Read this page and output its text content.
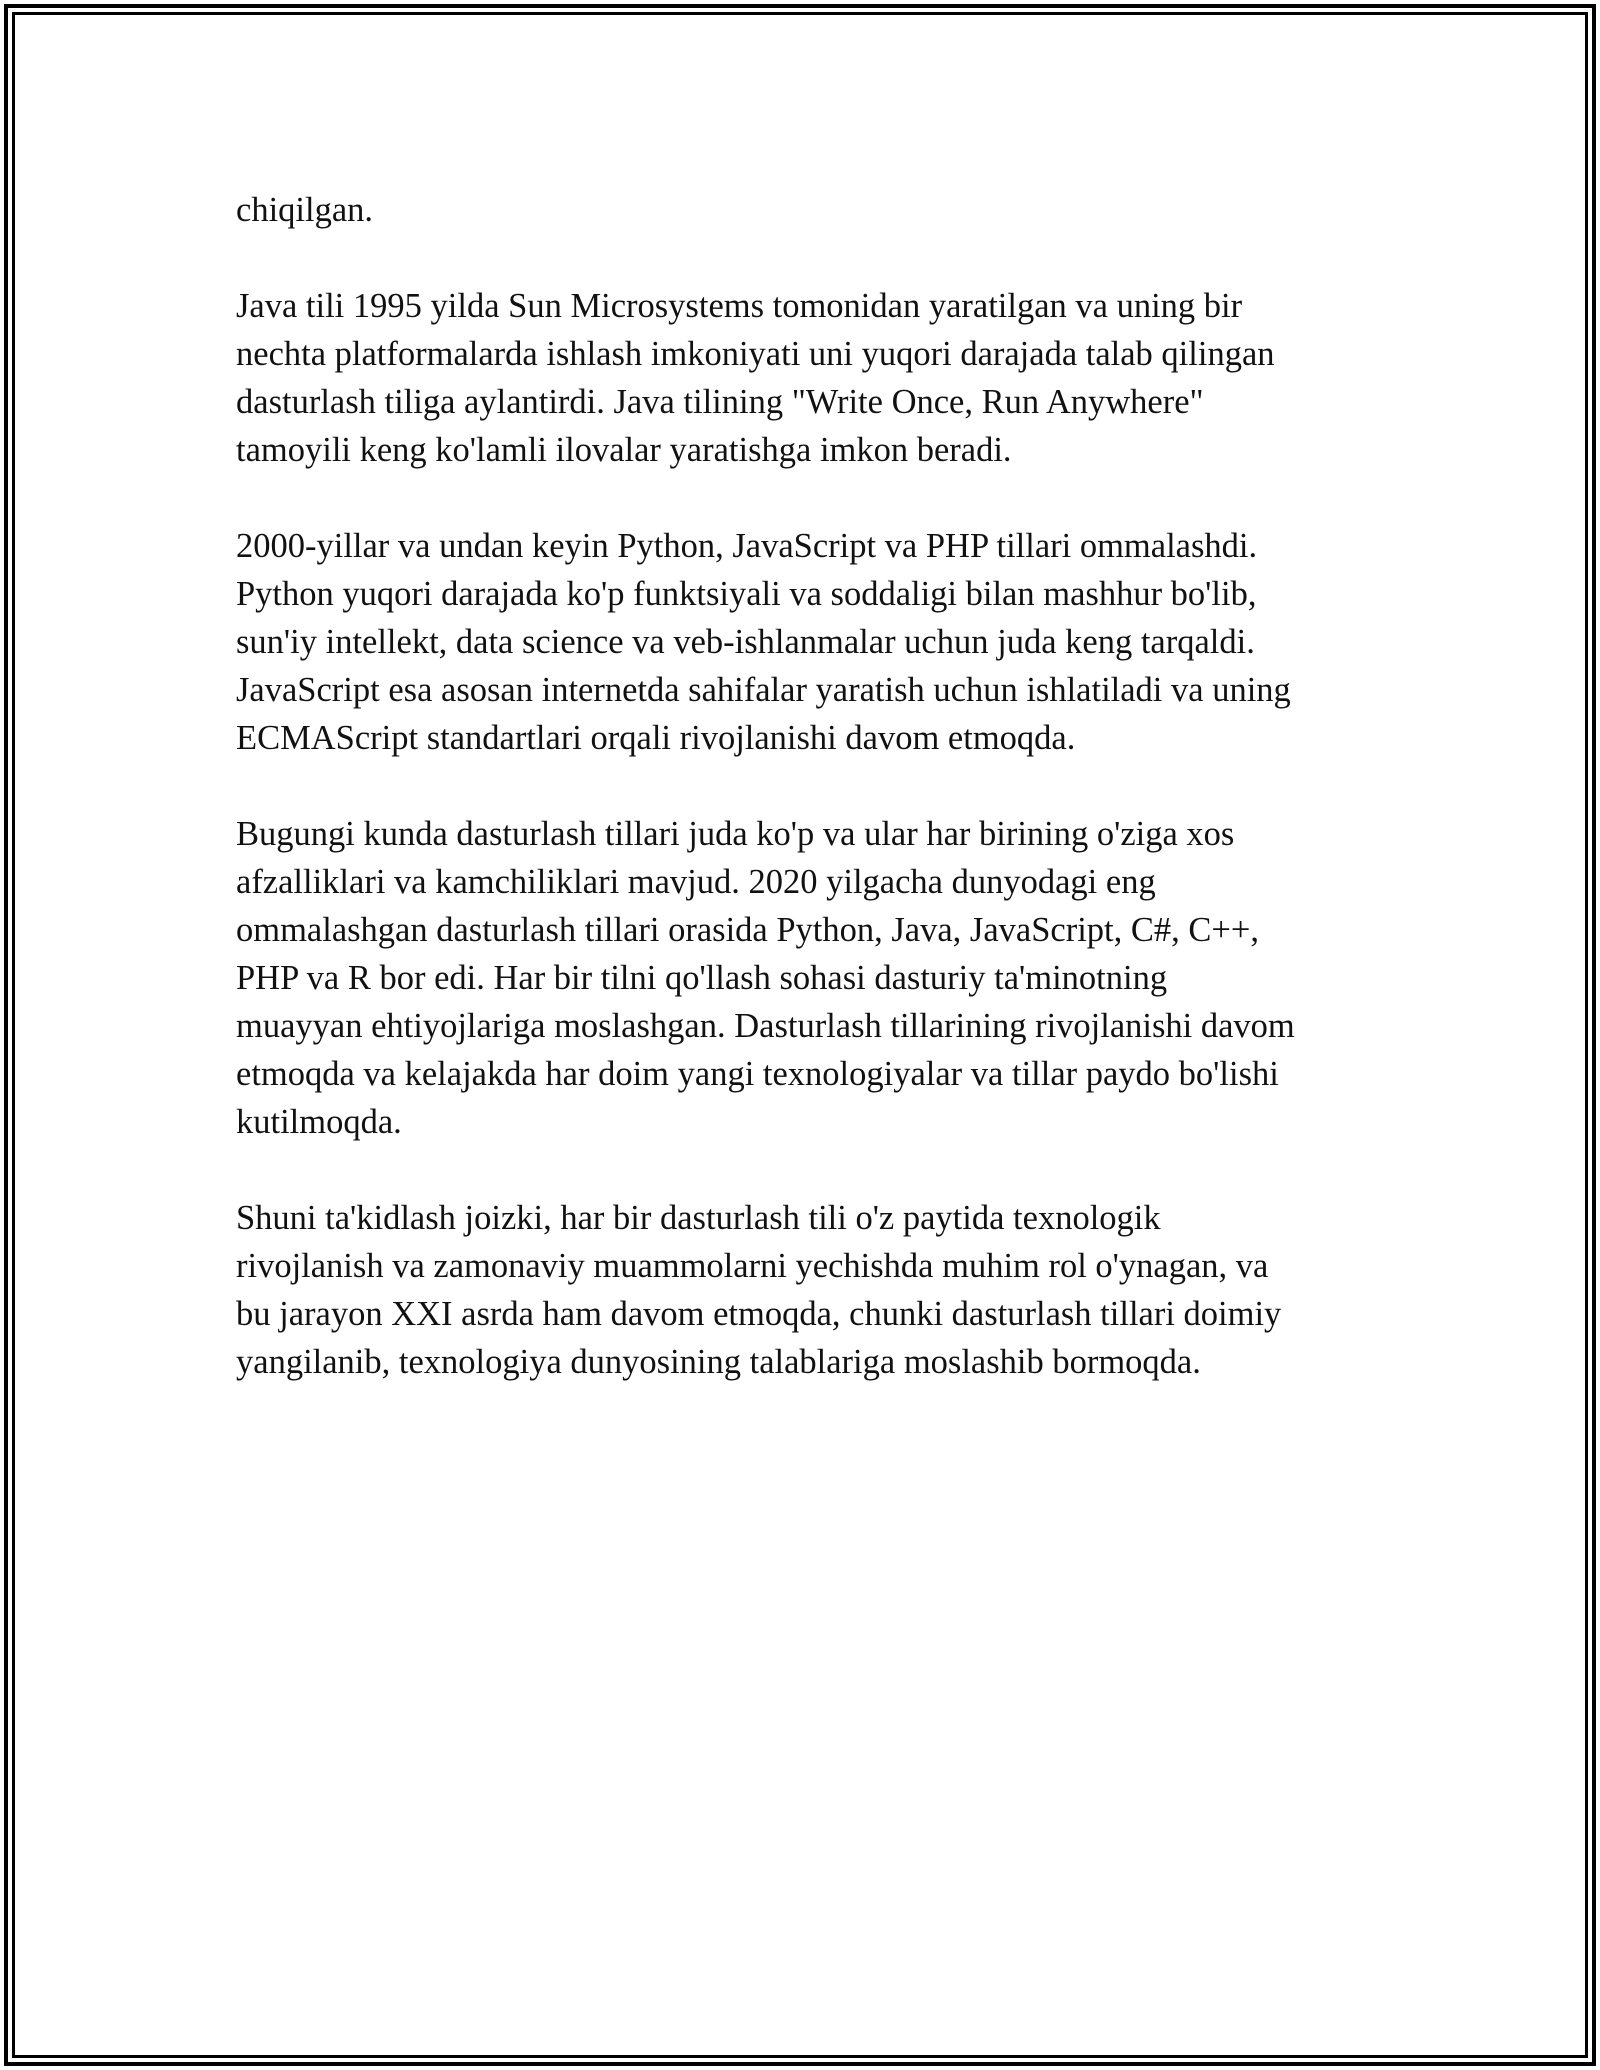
chiqilgan.

Java tili 1995 yilda Sun Microsystems tomonidan yaratilgan va uning bir
nechta platformalarda ishlash imkoniyati uni yuqori darajada talab qilingan
dasturlash tiliga aylantirdi. Java tilining "Write Once, Run Anywhere"
tamoyili keng ko'lamli ilovalar yaratishga imkon beradi.

2000-yillar va undan keyin Python, JavaScript va PHP tillari ommalashdi.
Python yuqori darajada ko'p funktsiyali va soddaligi bilan mashhur bo'lib,
sun'iy intellekt, data science va veb-ishlanmalar uchun juda keng tarqaldi.
JavaScript esa asosan internetda sahifalar yaratish uchun ishlatiladi va uning
ECMAScript standartlari orqali rivojlanishi davom etmoqda.

Bugungi kunda dasturlash tillari juda ko'p va ular har birining o'ziga xos
afzalliklari va kamchiliklari mavjud. 2020 yilgacha dunyodagi eng
ommalashgan dasturlash tillari orasida Python, Java, JavaScript, C#, C++,
PHP va R bor edi. Har bir tilni qo'llash sohasi dasturiy ta'minotning
muayyan ehtiyojlariga moslashgan. Dasturlash tillarining rivojlanishi davom
etmoqda va kelajakda har doim yangi texnologiyalar va tillar paydo bo'lishi
kutilmoqda.

Shuni ta'kidlash joizki, har bir dasturlash tili o'z paytida texnologik
rivojlanish va zamonaviy muammolarni yechishda muhim rol o'ynagan, va
bu jarayon XXI asrda ham davom etmoqda, chunki dasturlash tillari doimiy
yangilanib, texnologiya dunyosining talablariga moslashib bormoqda.
